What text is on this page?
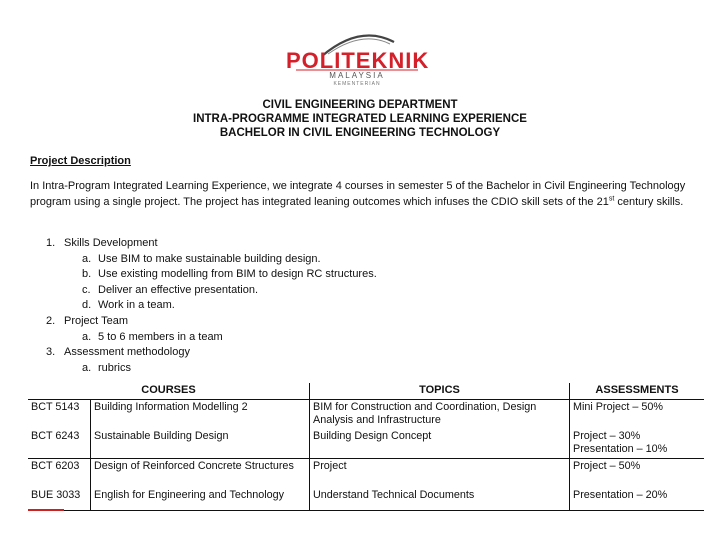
POLITEKNIK
MALAYSIA
KEMENTERIAN
CIVIL ENGINEERING DEPARTMENT
INTRA-PROGRAMME INTEGRATED LEARNING EXPERIENCE
BACHELOR IN CIVIL ENGINEERING TECHNOLOGY
Project Description
In Intra-Program Integrated Learning Experience, we integrate 4 courses in semester 5 of the Bachelor in Civil Engineering Technology program using a single project. The project has integrated leaning outcomes which infuses the CDIO skill sets of the 21st century skills.
1. Skills Development
a. Use BIM to make sustainable building design.
b. Use existing modelling from BIM to design RC structures.
c. Deliver an effective presentation.
d. Work in a team.
2. Project Team
a. 5 to 6 members in a team
3. Assessment methodology
a. rubrics
COURSES		TOPICS	ASSESSMENTS
BCT 5143	Building Information Modelling 2	BIM for Construction and Coordination, Design Analysis and Infrastructure	Mini Project – 50%
BCT 6243	Sustainable Building Design	Building Design Concept	Project – 30%
Presentation – 10%

BCT 6203	Design of Reinforced Concrete Structures	Project	Project – 50%
BUE 3033	English for Engineering and Technology	Understand Technical Documents	Presentation – 20%
